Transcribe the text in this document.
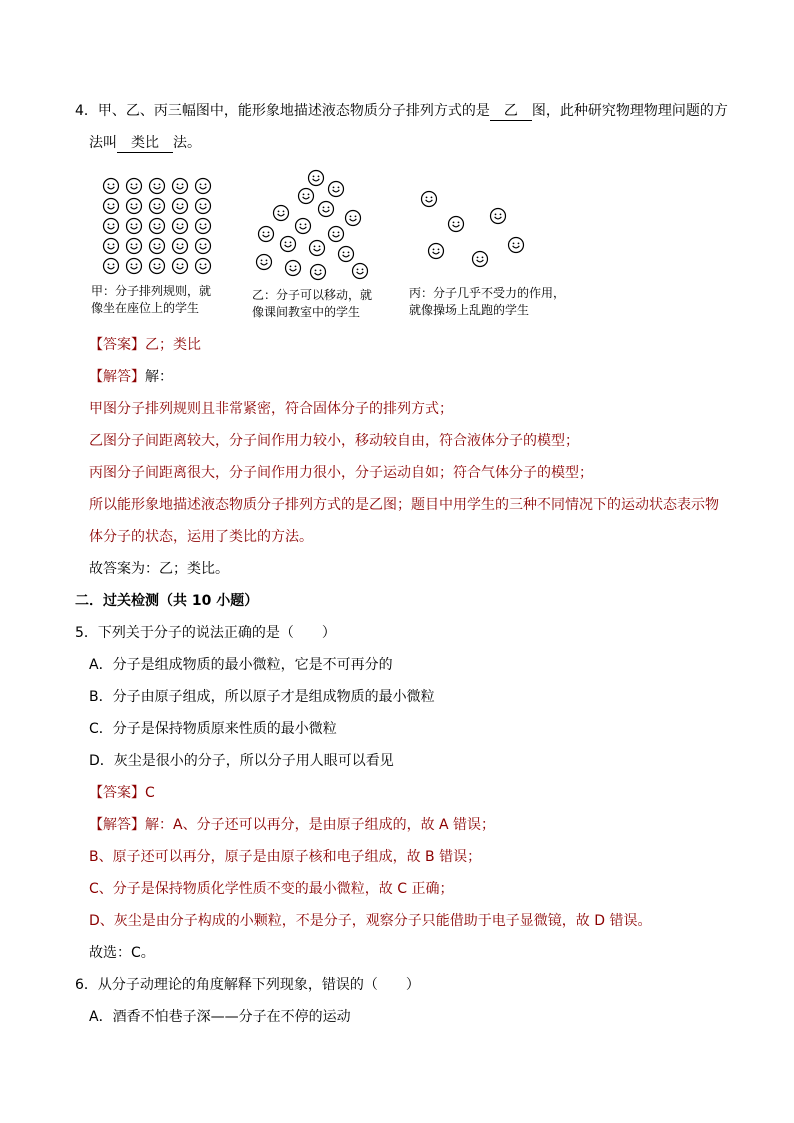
4．甲、乙、丙三幅图中，能形象地描述液态物质分子排列方式的是 乙 图，此种研究物理物理问题的方
法叫 类比 法。
甲：分子排列规则，就
像坐在座位上的学生
乙：分子可以移动，就
像课间教室中的学生
丙：分子几乎不受力的作用，
就像操场上乱跑的学生
【答案】乙；类比
【解答】解：
甲图分子排列规则且非常紧密，符合固体分子的排列方式；
乙图分子间距离较大，分子间作用力较小，移动较自由，符合液体分子的模型；
丙图分子间距离很大，分子间作用力很小，分子运动自如；符合气体分子的模型；
所以能形象地描述液态物质分子排列方式的是乙图；题目中用学生的三种不同情况下的运动状态表示物
体分子的状态，运用了类比的方法。
故答案为：乙；类比。
二．过关检测（共 10 小题）
5．下列关于分子的说法正确的是（　　）
A．分子是组成物质的最小微粒，它是不可再分的
B．分子由原子组成，所以原子才是组成物质的最小微粒
C．分子是保持物质原来性质的最小微粒
D．灰尘是很小的分子，所以分子用人眼可以看见
【答案】C
【解答】解：A、分子还可以再分，是由原子组成的，故 A 错误；
B、原子还可以再分，原子是由原子核和电子组成，故 B 错误；
C、分子是保持物质化学性质不变的最小微粒，故 C 正确；
D、灰尘是由分子构成的小颗粒，不是分子，观察分子只能借助于电子显微镜，故 D 错误。
故选：C。
6．从分子动理论的角度解释下列现象，错误的（　　）
A．酒香不怕巷子深——分子在不停的运动
